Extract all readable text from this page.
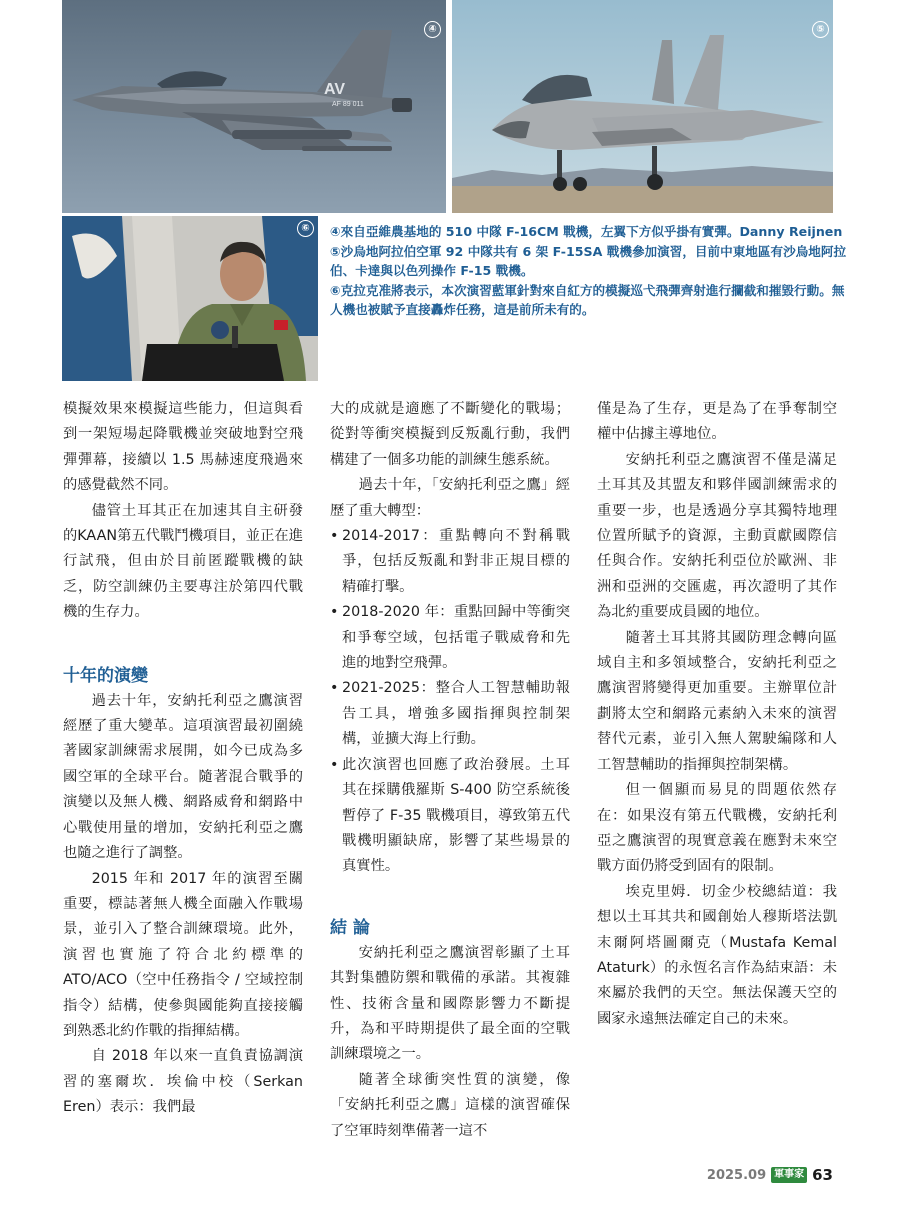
AV
AF 89 011
④	⑤
⑥	④來自亞維農基地的 510 中隊 F-16CM 戰機，左翼下方似乎掛有實彈。Danny Reijnen

⑤沙烏地阿拉伯空軍 92 中隊共有 6 架 F-15SA 戰機參加演習，目前中東地區有沙烏地阿拉伯、卡達與以色列操作 F-15 戰機。

⑥克拉克准將表示，本次演習藍軍針對來自紅方的模擬巡弋飛彈齊射進行攔截和摧毀行動。無人機也被賦予直接轟炸任務，這是前所未有的。

模擬效果來模擬這些能力，但這與看到一架短場起降戰機並突破地對空飛彈彈幕，接續以 1.5 馬赫速度飛過來的感覺截然不同。

儘管土耳其正在加速其自主研發的KAAN第五代戰鬥機項目，並正在進行試飛，但由於目前匿蹤戰機的缺乏，防空訓練仍主要專注於第四代戰機的生存力。

十年的演變

過去十年，安納托利亞之鷹演習經歷了重大變革。這項演習最初圍繞著國家訓練需求展開，如今已成為多國空軍的全球平台。隨著混合戰爭的演變以及無人機、網路威脅和網路中心戰使用量的增加，安納托利亞之鷹也隨之進行了調整。

2015 年和 2017 年的演習至關重要，標誌著無人機全面融入作戰場景，並引入了整合訓練環境。此外，演習也實施了符合北約標準的 ATO/ACO（空中任務指令 / 空域控制指令）結構，使參與國能夠直接接觸到熟悉北約作戰的指揮結構。

自 2018 年以來一直負責協調演習的塞爾坎．埃倫中校（Serkan Eren）表示：我們最

大的成就是適應了不斷變化的戰場；從對等衝突模擬到反叛亂行動，我們構建了一個多功能的訓練生態系統。

過去十年，「安納托利亞之鷹」經歷了重大轉型：

• 2014-2017：重點轉向不對稱戰爭，包括反叛亂和對非正規目標的精確打擊。
• 2018-2020 年：重點回歸中等衝突和爭奪空域，包括電子戰威脅和先進的地對空飛彈。
• 2021-2025：整合人工智慧輔助報告工具，增強多國指揮與控制架構，並擴大海上行動。
• 此次演習也回應了政治發展。土耳其在採購俄羅斯 S-400 防空系統後暫停了 F-35 戰機項目，導致第五代戰機明顯缺席，影響了某些場景的真實性。
結 論

安納托利亞之鷹演習彰顯了土耳其對集體防禦和戰備的承諾。其複雜性、技術含量和國際影響力不斷提升，為和平時期提供了最全面的空戰訓練環境之一。

隨著全球衝突性質的演變，像「安納托利亞之鷹」這樣的演習確保了空軍時刻準備著一這不

僅是為了生存，更是為了在爭奪制空權中佔據主導地位。

安納托利亞之鷹演習不僅是滿足土耳其及其盟友和夥伴國訓練需求的重要一步，也是透過分享其獨特地理位置所賦予的資源，主動貢獻國際信任與合作。安納托利亞位於歐洲、非洲和亞洲的交匯處，再次證明了其作為北約重要成員國的地位。

隨著土耳其將其國防理念轉向區域自主和多領域整合，安納托利亞之鷹演習將變得更加重要。主辦單位計劃將太空和網路元素納入未來的演習替代元素，並引入無人駕駛編隊和人工智慧輔助的指揮與控制架構。

但一個顯而易見的問題依然存在：如果沒有第五代戰機，安納托利亞之鷹演習的現實意義在應對未來空戰方面仍將受到固有的限制。

埃克里姆．切金少校總結道：我想以土耳其共和國創始人穆斯塔法凱末爾阿塔圖爾克（Mustafa Kemal Ataturk）的永恆名言作為結束語：未來屬於我們的天空。無法保護天空的國家永遠無法確定自己的未來。

2025.09 軍事家 63
